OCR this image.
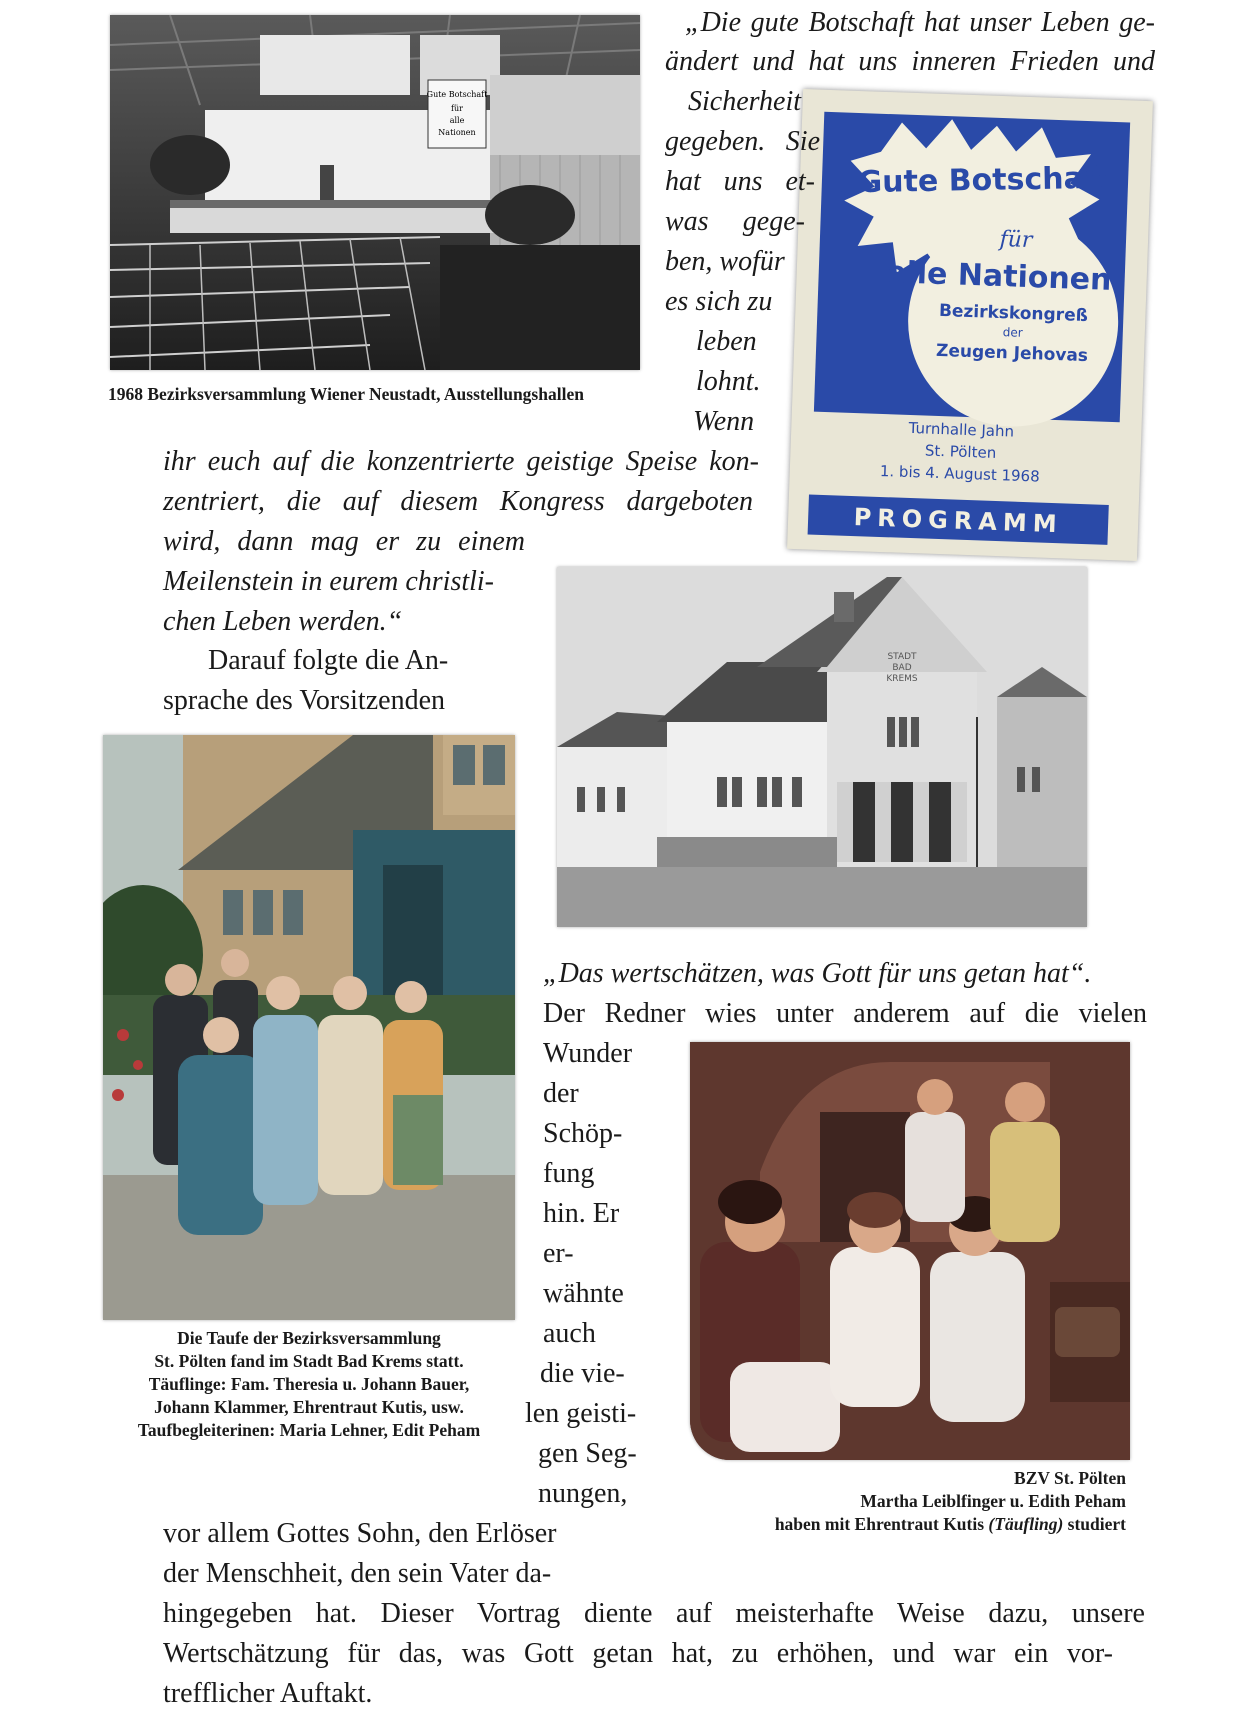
Gute Botschaft
für
alle
Nationen
1968 Bezirksversammlung Wiener Neustadt, Ausstellungshallen
„Gute Botschaft
für
alle Nationen"
Bezirkskongreß
der
Zeugen Jehovas
Turnhalle Jahn
St. Pölten
1. bis 4. August 1968
PROGRAMM
STADT
BAD
KREMS
Die Taufe der Bezirksversammlung
St. Pölten fand im Stadt Bad Krems statt.
Täuflinge: Fam. Theresia u. Johann Bauer,
Johann Klammer, Ehrentraut Kutis, usw.
Taufbegleiterinen: Maria Lehner, Edit Peham
BZV St. Pölten
Martha Leiblfinger u. Edith Peham
haben mit Ehrentraut Kutis (Täufling) studiert
„Die gute Botschaft hat unser Leben ge-
ändert und hat uns inneren Frieden und
Sicherheit
gegeben. Sie
hat uns et-
was gege-
ben, wofür
es sich zu
leben
lohnt.
Wenn
ihr euch auf die konzentrierte geistige Speise kon-
zentriert, die auf diesem Kongress dargeboten
wird, dann mag er zu einem
Meilenstein in eurem christli-
chen Leben werden.“
Darauf folgte die An-
sprache des Vorsitzenden
„Das wertschätzen, was Gott für uns getan hat“.
Der Redner wies unter anderem auf die vielen
Wunder
der
Schöp-
fung
hin. Er
er-
wähnte
auch
die vie-
len geisti-
gen Seg-
nungen,
vor allem Gottes Sohn, den Erlöser
der Menschheit, den sein Vater da-
hingegeben hat. Dieser Vortrag diente auf meisterhafte Weise dazu, unsere
Wertschätzung für das, was Gott getan hat, zu erhöhen, und war ein vor-
trefflicher Auftakt.
